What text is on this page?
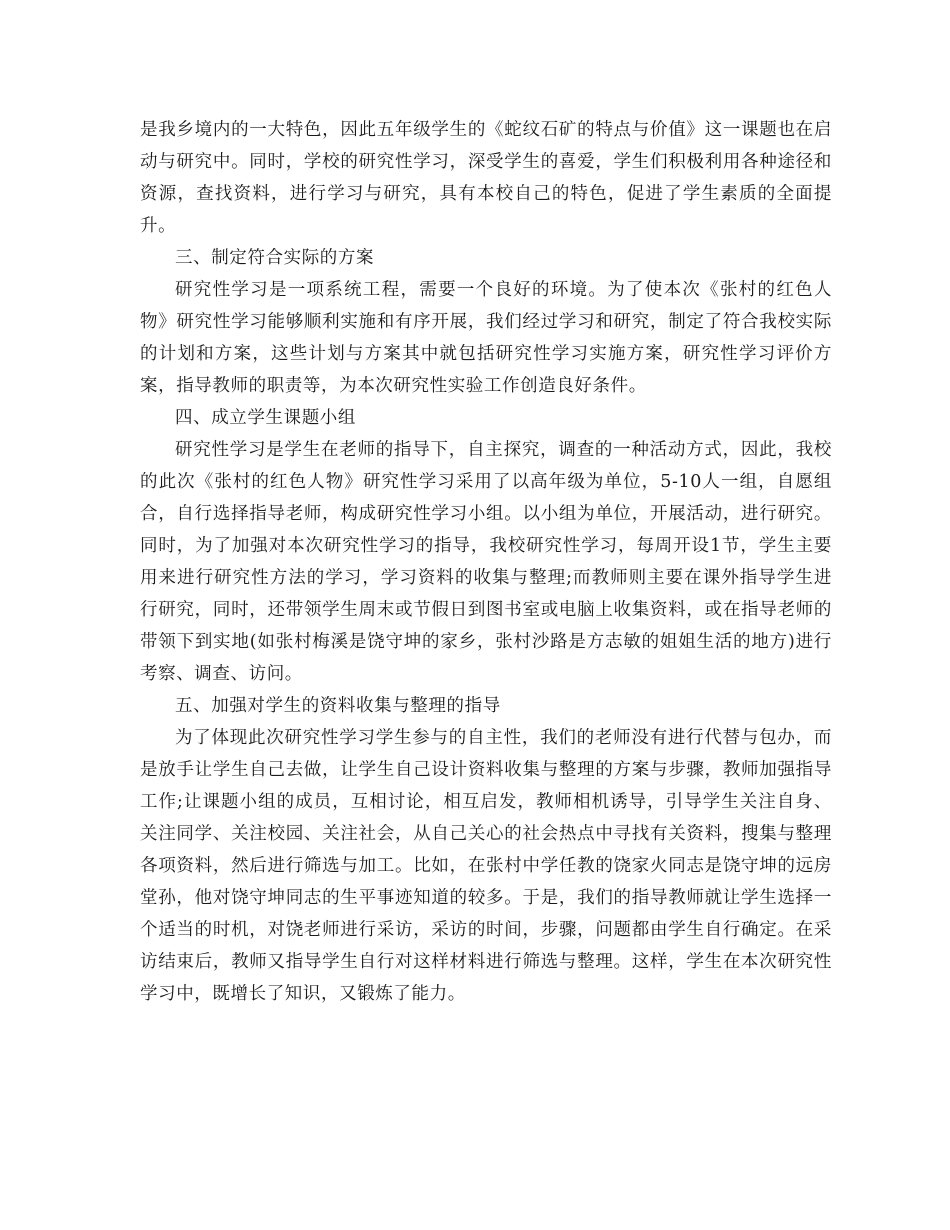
是我乡境内的一大特色，因此五年级学生的《蛇纹石矿的特点与价值》这一课题也在启动与研究中。同时，学校的研究性学习，深受学生的喜爱，学生们积极利用各种途径和资源，查找资料，进行学习与研究，具有本校自己的特色，促进了学生素质的全面提升。

三、制定符合实际的方案

研究性学习是一项系统工程，需要一个良好的环境。为了使本次《张村的红色人物》研究性学习能够顺利实施和有序开展，我们经过学习和研究，制定了符合我校实际的计划和方案，这些计划与方案其中就包括研究性学习实施方案，研究性学习评价方案，指导教师的职责等，为本次研究性实验工作创造良好条件。

四、成立学生课题小组

研究性学习是学生在老师的指导下，自主探究，调查的一种活动方式，因此，我校的此次《张村的红色人物》研究性学习采用了以高年级为单位，5-10人一组，自愿组合，自行选择指导老师，构成研究性学习小组。以小组为单位，开展活动，进行研究。同时，为了加强对本次研究性学习的指导，我校研究性学习，每周开设1节，学生主要用来进行研究性方法的学习，学习资料的收集与整理;而教师则主要在课外指导学生进行研究，同时，还带领学生周末或节假日到图书室或电脑上收集资料，或在指导老师的带领下到实地(如张村梅溪是饶守坤的家乡，张村沙路是方志敏的姐姐生活的地方)进行考察、调查、访问。

五、加强对学生的资料收集与整理的指导

为了体现此次研究性学习学生参与的自主性，我们的老师没有进行代替与包办，而是放手让学生自己去做，让学生自己设计资料收集与整理的方案与步骤，教师加强指导工作;让课题小组的成员，互相讨论，相互启发，教师相机诱导，引导学生关注自身、关注同学、关注校园、关注社会，从自己关心的社会热点中寻找有关资料，搜集与整理各项资料，然后进行筛选与加工。比如，在张村中学任教的饶家火同志是饶守坤的远房堂孙，他对饶守坤同志的生平事迹知道的较多。于是，我们的指导教师就让学生选择一个适当的时机，对饶老师进行采访，采访的时间，步骤，问题都由学生自行确定。在采访结束后，教师又指导学生自行对这样材料进行筛选与整理。这样，学生在本次研究性学习中，既增长了知识，又锻炼了能力。
